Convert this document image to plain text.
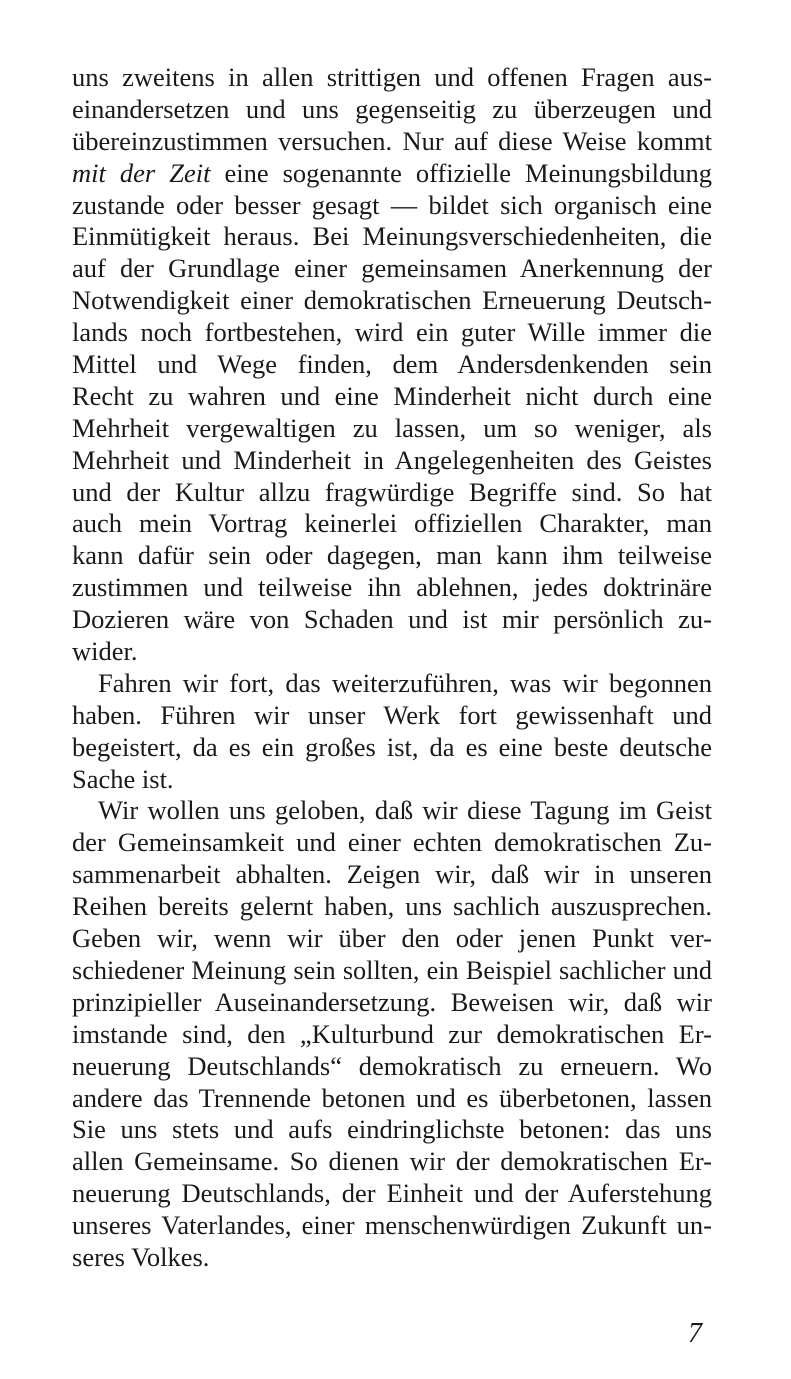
uns zweitens in allen strittigen und offenen Fragen aus-
einandersetzen und uns gegenseitig zu überzeugen und
übereinzustimmen versuchen. Nur auf diese Weise kommt
mit der Zeit eine sogenannte offizielle Meinungsbildung
zustande oder besser gesagt — bildet sich organisch eine
Einmütigkeit heraus. Bei Meinungsverschiedenheiten, die
auf der Grundlage einer gemeinsamen Anerkennung der
Notwendigkeit einer demokratischen Erneuerung Deutsch-
lands noch fortbestehen, wird ein guter Wille immer die
Mittel und Wege finden, dem Andersdenkenden sein
Recht zu wahren und eine Minderheit nicht durch eine
Mehrheit vergewaltigen zu lassen, um so weniger, als
Mehrheit und Minderheit in Angelegenheiten des Geistes
und der Kultur allzu fragwürdige Begriffe sind. So hat
auch mein Vortrag keinerlei offiziellen Charakter, man
kann dafür sein oder dagegen, man kann ihm teilweise
zustimmen und teilweise ihn ablehnen, jedes doktrinäre
Dozieren wäre von Schaden und ist mir persönlich zu-
wider.
Fahren wir fort, das weiterzuführen, was wir begonnen
haben. Führen wir unser Werk fort gewissenhaft und
begeistert, da es ein großes ist, da es eine beste deutsche
Sache ist.
Wir wollen uns geloben, daß wir diese Tagung im Geist
der Gemeinsamkeit und einer echten demokratischen Zu-
sammenarbeit abhalten. Zeigen wir, daß wir in unseren
Reihen bereits gelernt haben, uns sachlich auszusprechen.
Geben wir, wenn wir über den oder jenen Punkt ver-
schiedener Meinung sein sollten, ein Beispiel sachlicher und
prinzipieller Auseinandersetzung. Beweisen wir, daß wir
imstande sind, den „Kulturbund zur demokratischen Er-
neuerung Deutschlands“ demokratisch zu erneuern. Wo
andere das Trennende betonen und es überbetonen, lassen
Sie uns stets und aufs eindringlichste betonen: das uns
allen Gemeinsame. So dienen wir der demokratischen Er-
neuerung Deutschlands, der Einheit und der Auferstehung
unseres Vaterlandes, einer menschenwürdigen Zukunft un-
seres Volkes.
7
